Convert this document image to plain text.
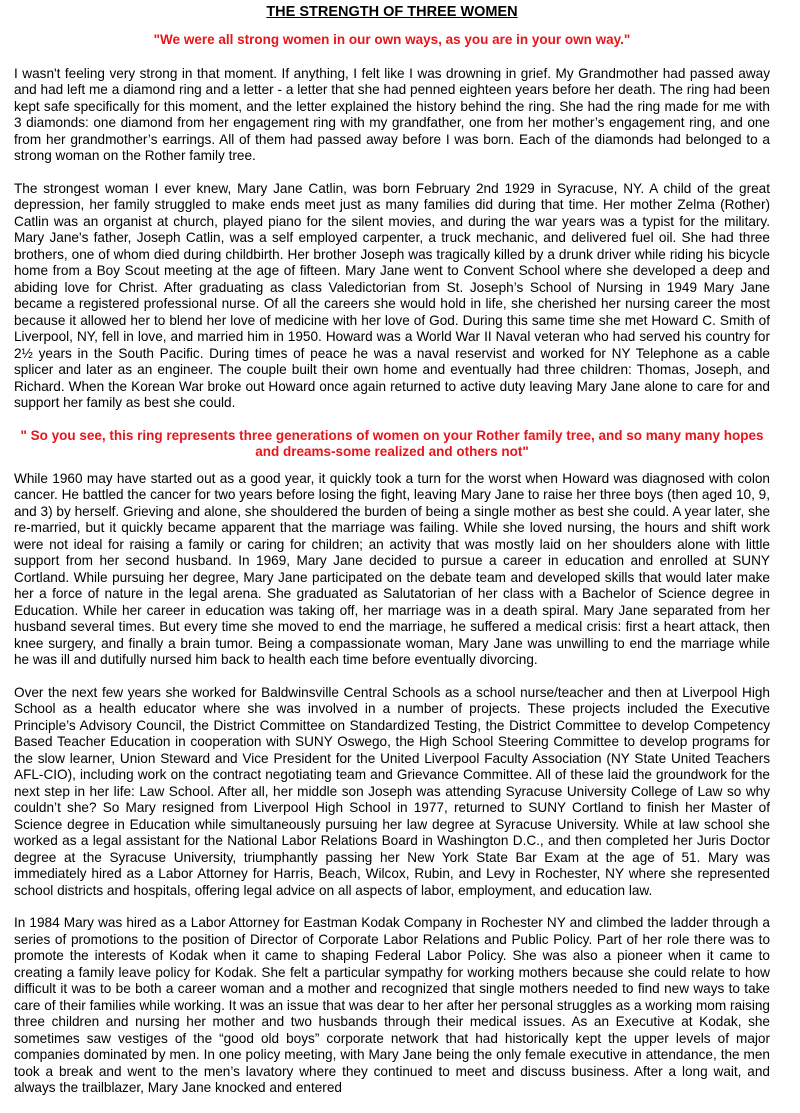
THE STRENGTH OF THREE WOMEN
"We were all strong women in our own ways, as you are in your own way."

I wasn't feeling very strong in that moment. If anything, I felt like I was drowning in grief. My Grandmother had passed away and had left me a diamond ring and a letter - a letter that she had penned eighteen years before her death. The ring had been kept safe specifically for this moment, and the letter explained the history behind the ring. She had the ring made for me with 3 diamonds: one diamond from her engagement ring with my grandfather, one from her mother’s engagement ring, and one from her grandmother’s earrings. All of them had passed away before I was born. Each of the diamonds had belonged to a strong woman on the Rother family tree.

The strongest woman I ever knew, Mary Jane Catlin, was born February 2nd 1929 in Syracuse, NY. A child of the great depression, her family struggled to make ends meet just as many families did during that time. Her mother Zelma (Rother) Catlin was an organist at church, played piano for the silent movies, and during the war years was a typist for the military. Mary Jane's father, Joseph Catlin, was a self employed carpenter, a truck mechanic, and delivered fuel oil. She had three brothers, one of whom died during childbirth. Her brother Joseph was tragically killed by a drunk driver while riding his bicycle home from a Boy Scout meeting at the age of fifteen. Mary Jane went to Convent School where she developed a deep and abiding love for Christ. After graduating as class Valedictorian from St. Joseph’s School of Nursing in 1949 Mary Jane became a registered professional nurse. Of all the careers she would hold in life, she cherished her nursing career the most because it allowed her to blend her love of medicine with her love of God. During this same time she met Howard C. Smith of Liverpool, NY, fell in love, and married him in 1950. Howard was a World War II Naval veteran who had served his country for 2½ years in the South Pacific. During times of peace he was a naval reservist and worked for NY Telephone as a cable splicer and later as an engineer. The couple built their own home and eventually had three children: Thomas, Joseph, and Richard. When the Korean War broke out Howard once again returned to active duty leaving Mary Jane alone to care for and support her family as best she could.

" So you see, this ring represents three generations of women on your Rother family tree, and so many many hopes and dreams-some realized and others not"

While 1960 may have started out as a good year, it quickly took a turn for the worst when Howard was diagnosed with colon cancer. He battled the cancer for two years before losing the fight, leaving Mary Jane to raise her three boys (then aged 10, 9, and 3) by herself. Grieving and alone, she shouldered the burden of being a single mother as best she could. A year later, she re-married, but it quickly became apparent that the marriage was failing. While she loved nursing, the hours and shift work were not ideal for raising a family or caring for children; an activity that was mostly laid on her shoulders alone with little support from her second husband. In 1969, Mary Jane decided to pursue a career in education and enrolled at SUNY Cortland. While pursuing her degree, Mary Jane participated on the debate team and developed skills that would later make her a force of nature in the legal arena. She graduated as Salutatorian of her class with a Bachelor of Science degree in Education. While her career in education was taking off, her marriage was in a death spiral. Mary Jane separated from her husband several times. But every time she moved to end the marriage, he suffered a medical crisis: first a heart attack, then knee surgery, and finally a brain tumor. Being a compassionate woman, Mary Jane was unwilling to end the marriage while he was ill and dutifully nursed him back to health each time before eventually divorcing.

Over the next few years she worked for Baldwinsville Central Schools as a school nurse/teacher and then at Liverpool High School as a health educator where she was involved in a number of projects. These projects included the Executive Principle’s Advisory Council, the District Committee on Standardized Testing, the District Committee to develop Competency Based Teacher Education in cooperation with SUNY Oswego, the High School Steering Committee to develop programs for the slow learner, Union Steward and Vice President for the United Liverpool Faculty Association (NY State United Teachers AFL-CIO), including work on the contract negotiating team and Grievance Committee. All of these laid the groundwork for the next step in her life: Law School. After all, her middle son Joseph was attending Syracuse University College of Law so why couldn’t she? So Mary resigned from Liverpool High School in 1977, returned to SUNY Cortland to finish her Master of Science degree in Education while simultaneously pursuing her law degree at Syracuse University. While at law school she worked as a legal assistant for the National Labor Relations Board in Washington D.C., and then completed her Juris Doctor degree at the Syracuse University, triumphantly passing her New York State Bar Exam at the age of 51. Mary was immediately hired as a Labor Attorney for Harris, Beach, Wilcox, Rubin, and Levy in Rochester, NY where she represented school districts and hospitals, offering legal advice on all aspects of labor, employment, and education law.

In 1984 Mary was hired as a Labor Attorney for Eastman Kodak Company in Rochester NY and climbed the ladder through a series of promotions to the position of Director of Corporate Labor Relations and Public Policy. Part of her role there was to promote the interests of Kodak when it came to shaping Federal Labor Policy. She was also a pioneer when it came to creating a family leave policy for Kodak. She felt a particular sympathy for working mothers because she could relate to how difficult it was to be both a career woman and a mother and recognized that single mothers needed to find new ways to take care of their families while working. It was an issue that was dear to her after her personal struggles as a working mom raising three children and nursing her mother and two husbands through their medical issues. As an Executive at Kodak, she sometimes saw vestiges of the “good old boys” corporate network that had historically kept the upper levels of major companies dominated by men. In one policy meeting, with Mary Jane being the only female executive in attendance, the men took a break and went to the men’s lavatory where they continued to meet and discuss business. After a long wait, and always the trailblazer, Mary Jane knocked and entered
